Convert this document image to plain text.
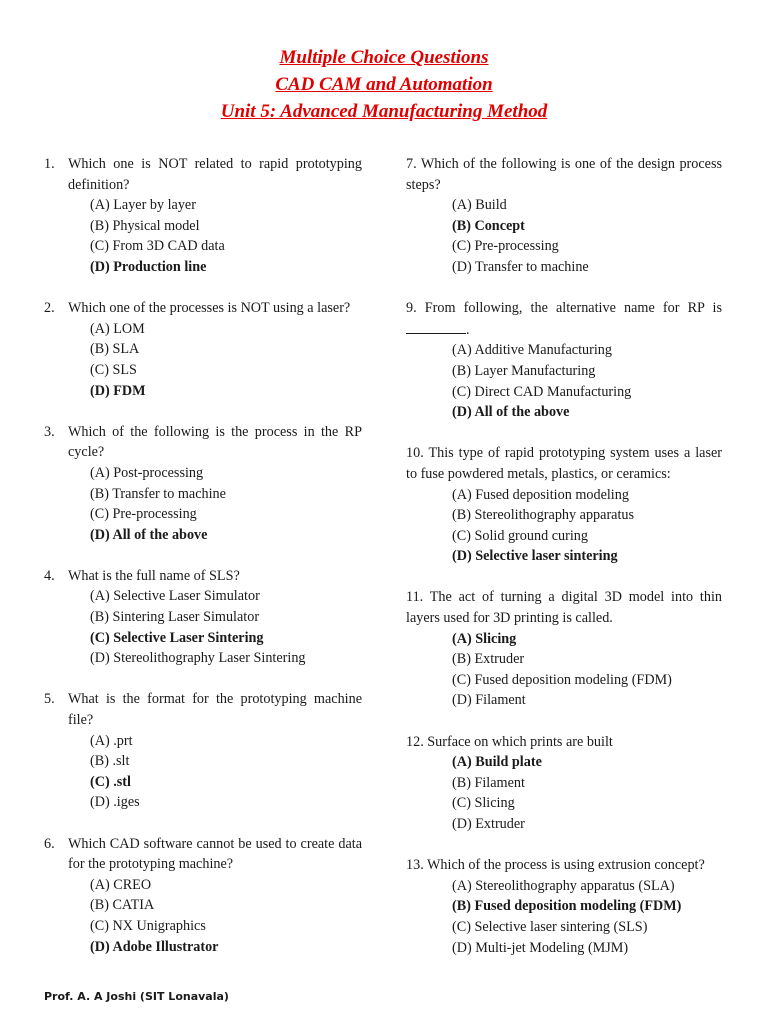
Multiple Choice Questions
CAD CAM and Automation
Unit 5: Advanced Manufacturing Method
1. Which one is NOT related to rapid prototyping definition?
(A) Layer by layer
(B) Physical model
(C) From 3D CAD data
(D) Production line
2. Which one of the processes is NOT using a laser?
(A) LOM
(B) SLA
(C) SLS
(D) FDM
3. Which of the following is the process in the RP cycle?
(A) Post-processing
(B) Transfer to machine
(C) Pre-processing
(D) All of the above
4. What is the full name of SLS?
(A) Selective Laser Simulator
(B) Sintering Laser Simulator
(C) Selective Laser Sintering
(D) Stereolithography Laser Sintering
5. What is the format for the prototyping machine file?
(A) .prt
(B) .slt
(C) .stl
(D) .iges
6. Which CAD software cannot be used to create data for the prototyping machine?
(A) CREO
(B) CATIA
(C) NX Unigraphics
(D) Adobe Illustrator
7. Which of the following is one of the design process steps?
(A) Build
(B) Concept
(C) Pre-processing
(D) Transfer to machine
9. From following, the alternative name for RP is .
(A) Additive Manufacturing
(B) Layer Manufacturing
(C) Direct CAD Manufacturing
(D) All of the above
10. This type of rapid prototyping system uses a laser to fuse powdered metals, plastics, or ceramics:
(A) Fused deposition modeling
(B) Stereolithography apparatus
(C) Solid ground curing
(D) Selective laser sintering
11. The act of turning a digital 3D model into thin layers used for 3D printing is called.
(A) Slicing
(B) Extruder
(C) Fused deposition modeling (FDM)
(D) Filament
12. Surface on which prints are built
(A) Build plate
(B) Filament
(C) Slicing
(D) Extruder
13. Which of the process is using extrusion concept?
(A) Stereolithography apparatus (SLA)
(B) Fused deposition modeling (FDM)
(C) Selective laser sintering (SLS)
(D) Multi-jet Modeling (MJM)
Prof. A. A Joshi (SIT Lonavala)
